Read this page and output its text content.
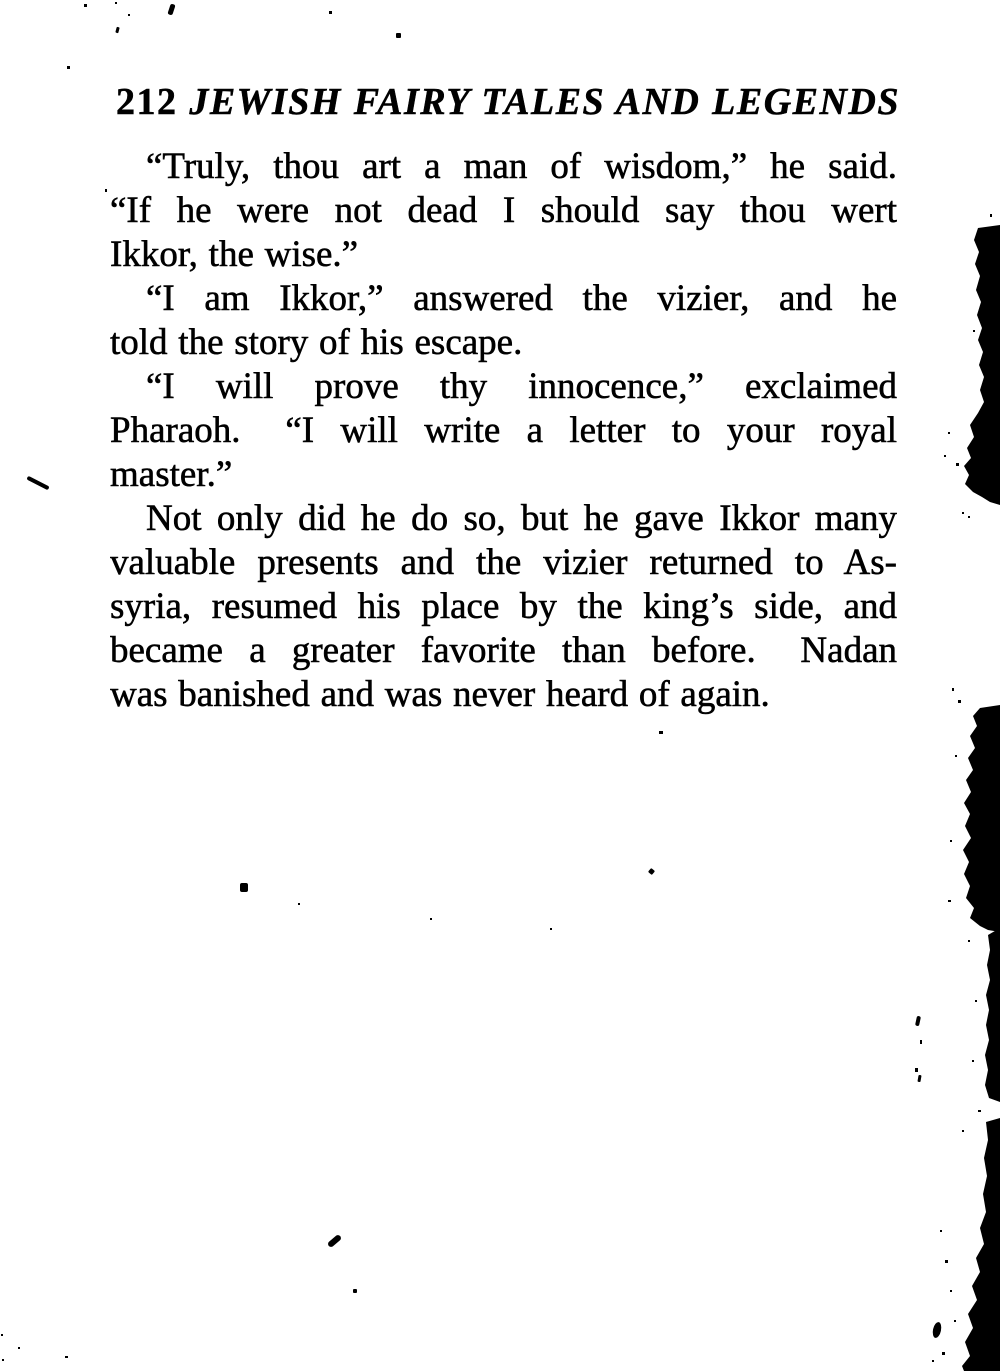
212 JEWISH FAIRY TALES AND LEGENDS
“Truly, thou art a man of wisdom,” he said.
“If he were not dead I should say thou wert
Ikkor, the wise.”
“I am Ikkor,” answered the vizier, and he
told the story of his escape.
“I will prove thy innocence,” exclaimed
Pharaoh.  “I will write a letter to your royal
master.”
Not only did he do so, but he gave Ikkor many
valuable presents and the vizier returned to As-
syria, resumed his place by the king’s side, and
became a greater favorite than before.  Nadan
was banished and was never heard of again.
